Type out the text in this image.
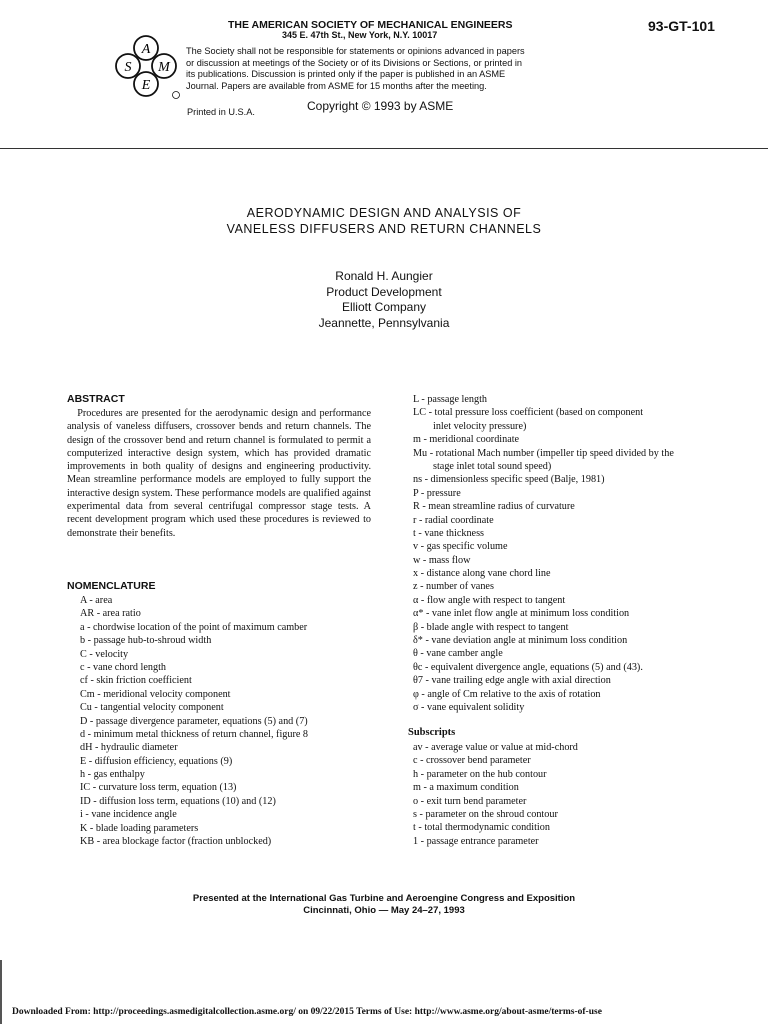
A
S M
E
THE AMERICAN SOCIETY OF MECHANICAL ENGINEERS
345 E. 47th St., New York, N.Y. 10017
93-GT-101
The Society shall not be responsible for statements or opinions advanced in papers or discussion at meetings of the Society or of its Divisions or Sections, or printed in its publications. Discussion is printed only if the paper is published in an ASME Journal. Papers are available from ASME for 15 months after the meeting.
Printed in U.S.A.	Copyright © 1993 by ASME
AERODYNAMIC DESIGN AND ANALYSIS OF
VANELESS DIFFUSERS AND RETURN CHANNELS
Ronald H. Aungier
Product Development
Elliott Company
Jeannette, Pennsylvania
ABSTRACT
Procedures are presented for the aerodynamic design and performance analysis of vaneless diffusers, crossover bends and return channels. The design of the crossover bend and return channel is formulated to permit a computerized interactive design system, which has provided dramatic improvements in both quality of designs and engineering productivity. Mean streamline performance models are employed to fully support the interactive design system. These performance models are qualified against experimental data from several centrifugal compressor stage tests. A recent development program which used these procedures is reviewed to demonstrate their benefits.
NOMENCLATURE
A - area
AR - area ratio
a - chordwise location of the point of maximum camber
b - passage hub-to-shroud width
C - velocity
c - vane chord length
cf - skin friction coefficient
Cm - meridional velocity component
Cu - tangential velocity component
D - passage divergence parameter, equations (5) and (7)
d - minimum metal thickness of return channel, figure 8
dH - hydraulic diameter
E - diffusion efficiency, equations (9)
h - gas enthalpy
IC - curvature loss term, equation (13)
ID - diffusion loss term, equations (10) and (12)
i - vane incidence angle
K - blade loading parameters
KB - area blockage factor (fraction unblocked)
L - passage length
LC - total pressure loss coefficient (based on component
inlet velocity pressure)
m - meridional coordinate
Mu - rotational Mach number (impeller tip speed divided by the
stage inlet total sound speed)
ns - dimensionless specific speed (Balje, 1981)
P - pressure
R - mean streamline radius of curvature
r - radial coordinate
t - vane thickness
v - gas specific volume
w - mass flow
x - distance along vane chord line
z - number of vanes
α - flow angle with respect to tangent
α* - vane inlet flow angle at minimum loss condition
β - blade angle with respect to tangent
δ* - vane deviation angle at minimum loss condition
θ - vane camber angle
θc - equivalent divergence angle, equations (5) and (43).
θ7 - vane trailing edge angle with axial direction
φ - angle of Cm relative to the axis of rotation
σ - vane equivalent solidity
Subscripts
av - average value or value at mid-chord
c - crossover bend parameter
h - parameter on the hub contour
m - a maximum condition
o - exit turn bend parameter
s - parameter on the shroud contour
t - total thermodynamic condition
1 - passage entrance parameter
Presented at the International Gas Turbine and Aeroengine Congress and Exposition
Cincinnati, Ohio — May 24–27, 1993
Downloaded From: http://proceedings.asmedigitalcollection.asme.org/ on 09/22/2015 Terms of Use: http://www.asme.org/about-asme/terms-of-use
